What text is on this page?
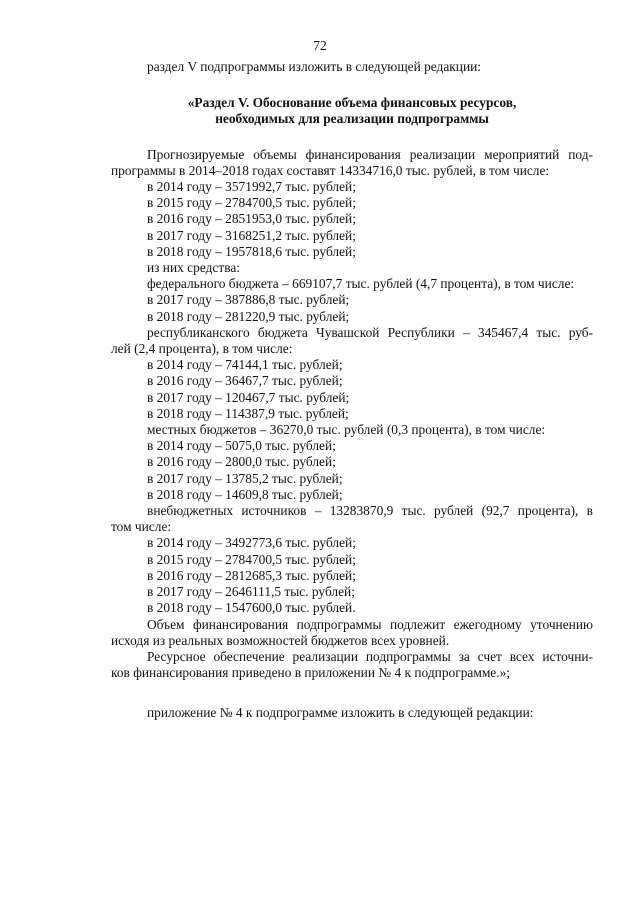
72

раздел V подпрограммы изложить в следующей редакции:

«Раздел V. Обоснование объема финансовых ресурсов,
необходимых для реализации подпрограммы

Прогнозируемые объемы финансирования реализации мероприятий под-

программы в 2014–2018 годах составят 14334716,0 тыс. рублей, в том числе:

в 2014 году – 3571992,7 тыс. рублей;

в 2015 году – 2784700,5 тыс. рублей;

в 2016 году – 2851953,0 тыс. рублей;

в 2017 году – 3168251,2 тыс. рублей;

в 2018 году – 1957818,6 тыс. рублей;

из них средства:

федерального бюджета – 669107,7 тыс. рублей (4,7 процента), в том числе:

в 2017 году – 387886,8 тыс. рублей;

в 2018 году – 281220,9 тыс. рублей;

республиканского бюджета Чувашской Республики – 345467,4 тыс. руб-

лей (2,4 процента), в том числе:

в 2014 году – 74144,1 тыс. рублей;

в 2016 году – 36467,7 тыс. рублей;

в 2017 году – 120467,7 тыс. рублей;

в 2018 году – 114387,9 тыс. рублей;

местных бюджетов – 36270,0 тыс. рублей (0,3 процента), в том числе:

в 2014 году – 5075,0 тыс. рублей;

в 2016 году – 2800,0 тыс. рублей;

в 2017 году – 13785,2 тыс. рублей;

в 2018 году – 14609,8 тыс. рублей;

внебюджетных источников – 13283870,9 тыс. рублей (92,7 процента), в

том числе:

в 2014 году – 3492773,6 тыс. рублей;

в 2015 году – 2784700,5 тыс. рублей;

в 2016 году – 2812685,3 тыс. рублей;

в 2017 году – 2646111,5 тыс. рублей;

в 2018 году – 1547600,0 тыс. рублей.

Объем финансирования подпрограммы подлежит ежегодному уточнению

исходя из реальных возможностей бюджетов всех уровней.

Ресурсное обеспечение реализации подпрограммы за счет всех источни-

ков финансирования приведено в приложении № 4 к подпрограмме.»;

приложение № 4 к подпрограмме изложить в следующей редакции:
